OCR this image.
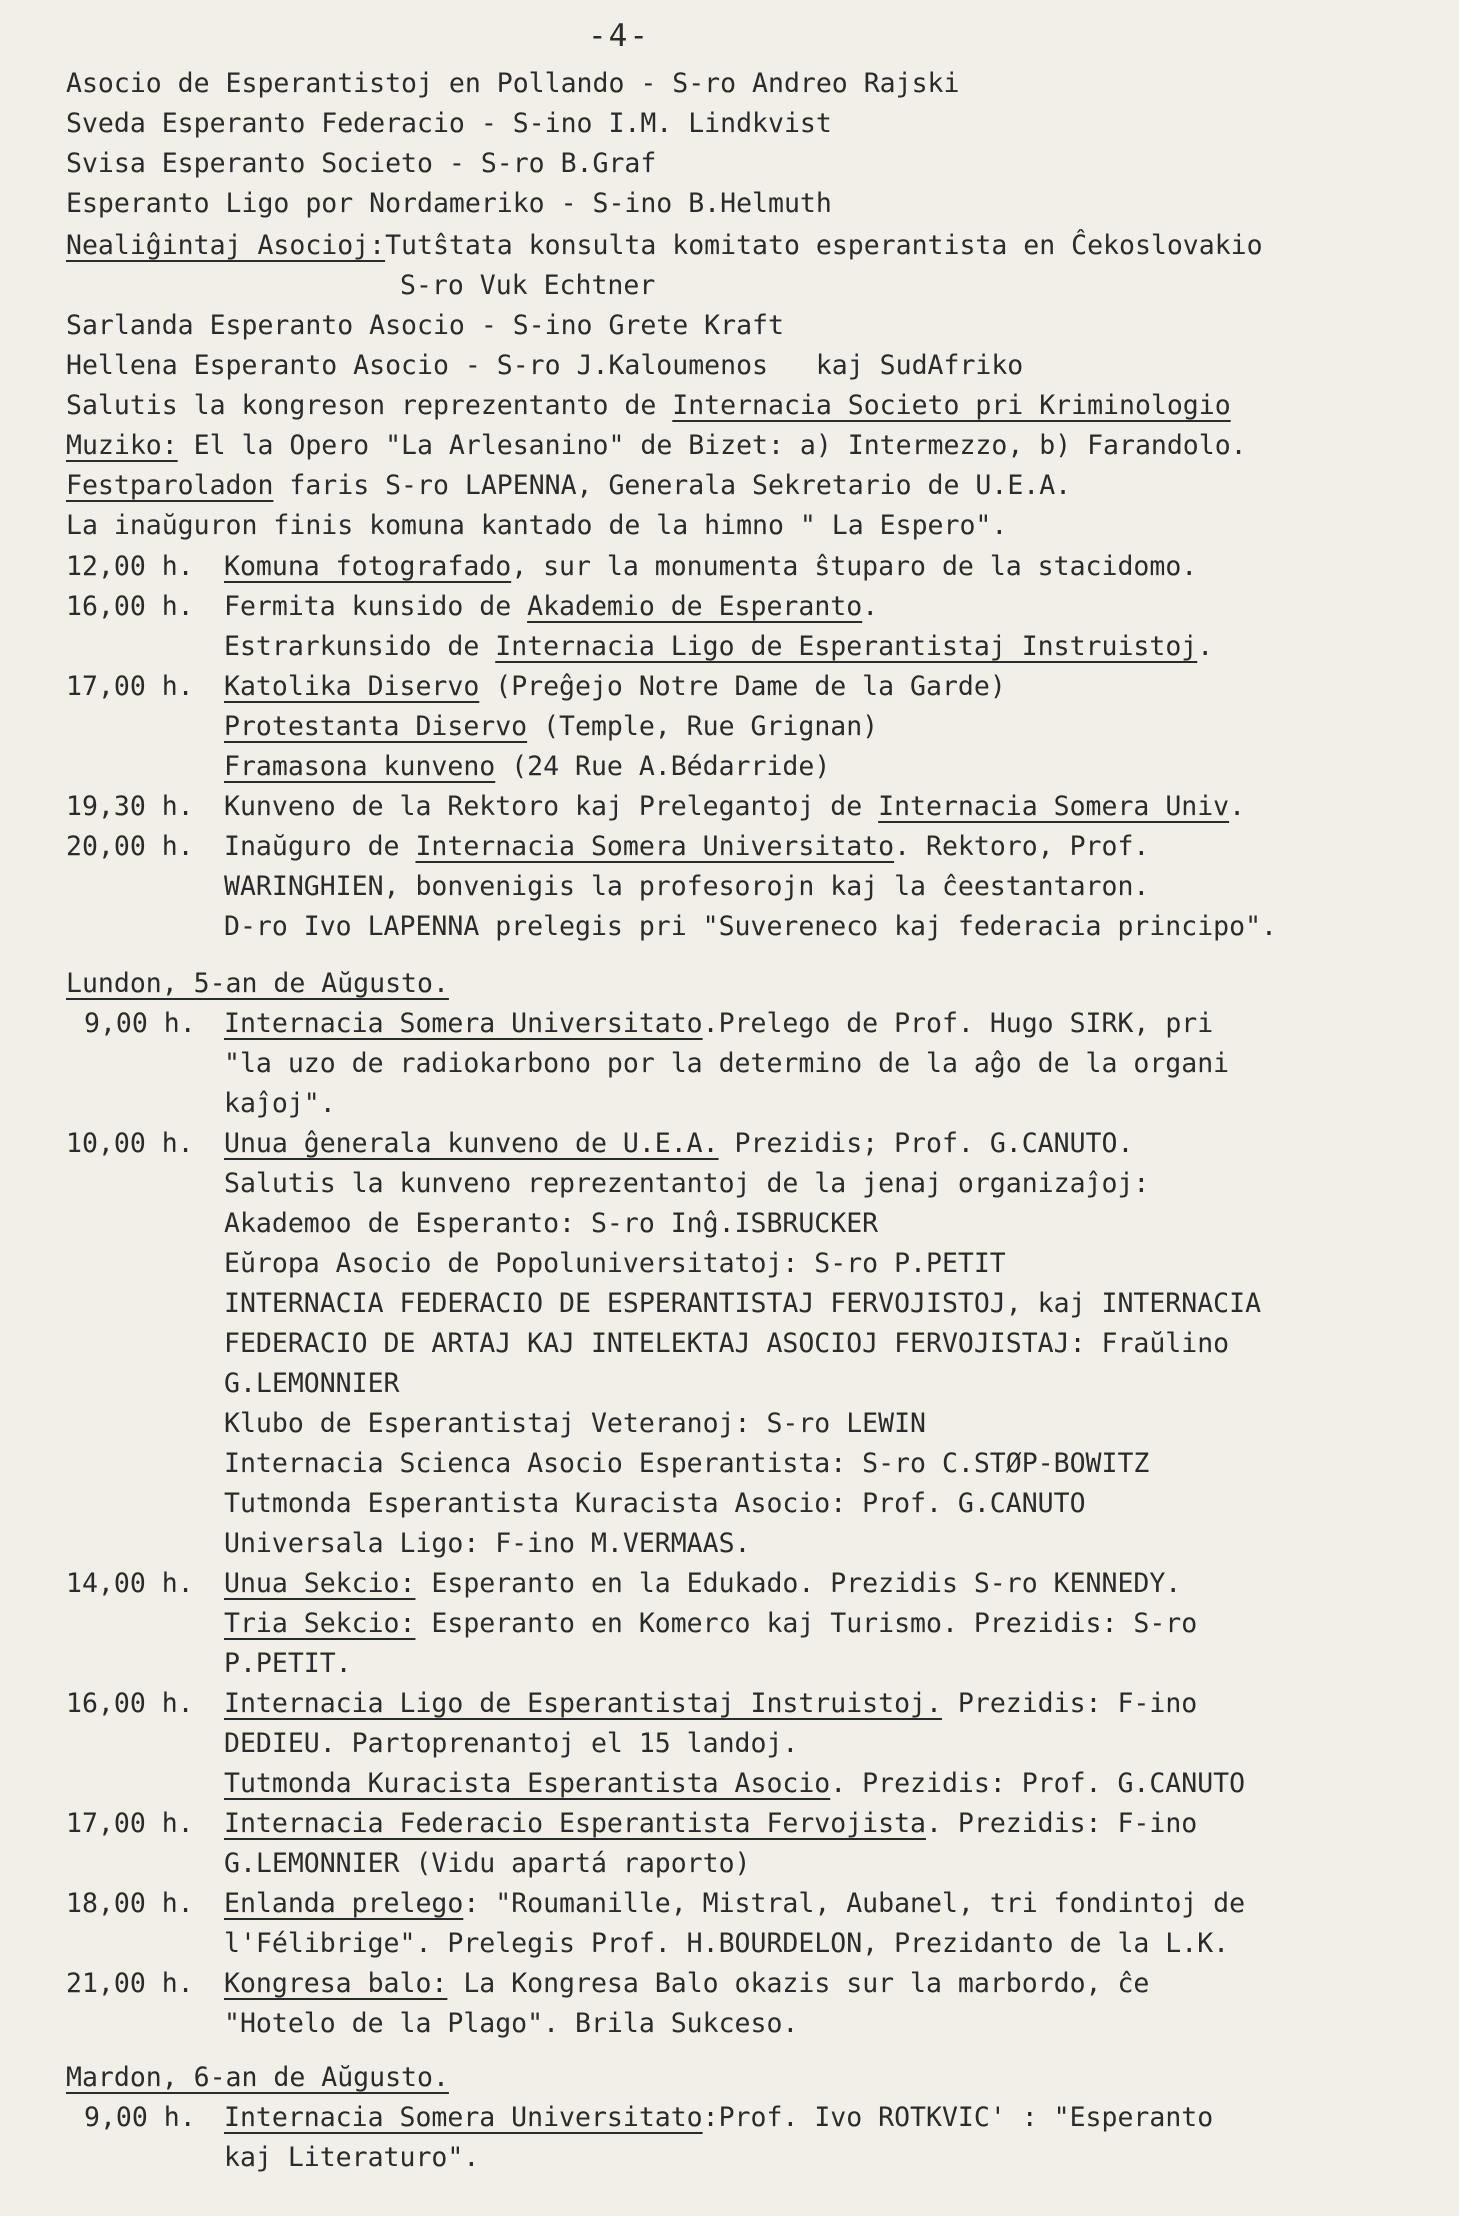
-4-
Asocio de Esperantistoj en Pollando - S-ro Andreo Rajski
Sveda Esperanto Federacio - S-ino I.M. Lindkvist
Svisa Esperanto Societo - S-ro B.Graf
Esperanto Ligo por Nordameriko - S-ino B.Helmuth
Nealiĝintaj Asocioj:Tutŝtata konsulta komitato esperantista en Ĉekoslovakio
S-ro Vuk Echtner
Sarlanda Esperanto Asocio - S-ino Grete Kraft
Hellena Esperanto Asocio - S-ro J.Kaloumenos   kaj SudAfriko
Salutis la kongreson reprezentanto de Internacia Societo pri Kriminologio
Muziko: El la Opero "La Arlesanino" de Bizet: a) Intermezzo, b) Farandolo.
Festparoladon faris S-ro LAPENNA, Generala Sekretario de U.E.A.
La inaŭguron finis komuna kantado de la himno " La Espero".
12,00 h. Komuna fotografado, sur la monumenta ŝtuparo de la stacidomo.
16,00 h. Fermita kunsido de Akademio de Esperanto.
Estrarkunsido de Internacia Ligo de Esperantistaj Instruistoj.
17,00 h. Katolika Diservo (Preĝejo Notre Dame de la Garde)
Protestanta Diservo (Temple, Rue Grignan)
Framasona kunveno (24 Rue A.Bédarride)
19,30 h. Kunveno de la Rektoro kaj Prelegantoj de Internacia Somera Univ.
20,00 h. Inaŭguro de Internacia Somera Universitato. Rektoro, Prof.
WARINGHIEN, bonvenigis la profesorojn kaj la ĉeestantaron.
D-ro Ivo LAPENNA prelegis pri "Suvereneco kaj federacia principo".
Lundon, 5-an de Aŭgusto.
9,00 h. Internacia Somera Universitato.Prelego de Prof. Hugo SIRK, pri
"la uzo de radiokarbono por la determino de la aĝo de la organi
kaĵoj".
10,00 h. Unua ĝenerala kunveno de U.E.A. Prezidis; Prof. G.CANUTO.
Salutis la kunveno reprezentantoj de la jenaj organizaĵoj:
Akademoo de Esperanto: S-ro Inĝ.ISBRUCKER
Eŭropa Asocio de Popoluniversitatoj: S-ro P.PETIT
INTERNACIA FEDERACIO DE ESPERANTISTAJ FERVOJISTOJ, kaj INTERNACIA
FEDERACIO DE ARTAJ KAJ INTELEKTAJ ASOCIOJ FERVOJISTAJ: Fraŭlino
G.LEMONNIER
Klubo de Esperantistaj Veteranoj: S-ro LEWIN
Internacia Scienca Asocio Esperantista: S-ro C.STØP-BOWITZ
Tutmonda Esperantista Kuracista Asocio: Prof. G.CANUTO
Universala Ligo: F-ino M.VERMAAS.
14,00 h. Unua Sekcio: Esperanto en la Edukado. Prezidis S-ro KENNEDY.
Tria Sekcio: Esperanto en Komerco kaj Turismo. Prezidis: S-ro
P.PETIT.
16,00 h. Internacia Ligo de Esperantistaj Instruistoj. Prezidis: F-ino
DEDIEU. Partoprenantoj el 15 landoj.
Tutmonda Kuracista Esperantista Asocio. Prezidis: Prof. G.CANUTO
17,00 h. Internacia Federacio Esperantista Fervojista. Prezidis: F-ino
G.LEMONNIER (Vidu apartá raporto)
18,00 h. Enlanda prelego: "Roumanille, Mistral, Aubanel, tri fondintoj de
l'Félibrige". Prelegis Prof. H.BOURDELON, Prezidanto de la L.K.
21,00 h. Kongresa balo: La Kongresa Balo okazis sur la marbordo, ĉe
"Hotelo de la Plago". Brila Sukceso.
Mardon, 6-an de Aŭgusto.
9,00 h. Internacia Somera Universitato:Prof. Ivo ROTKVIC' : "Esperanto
kaj Literaturo".
